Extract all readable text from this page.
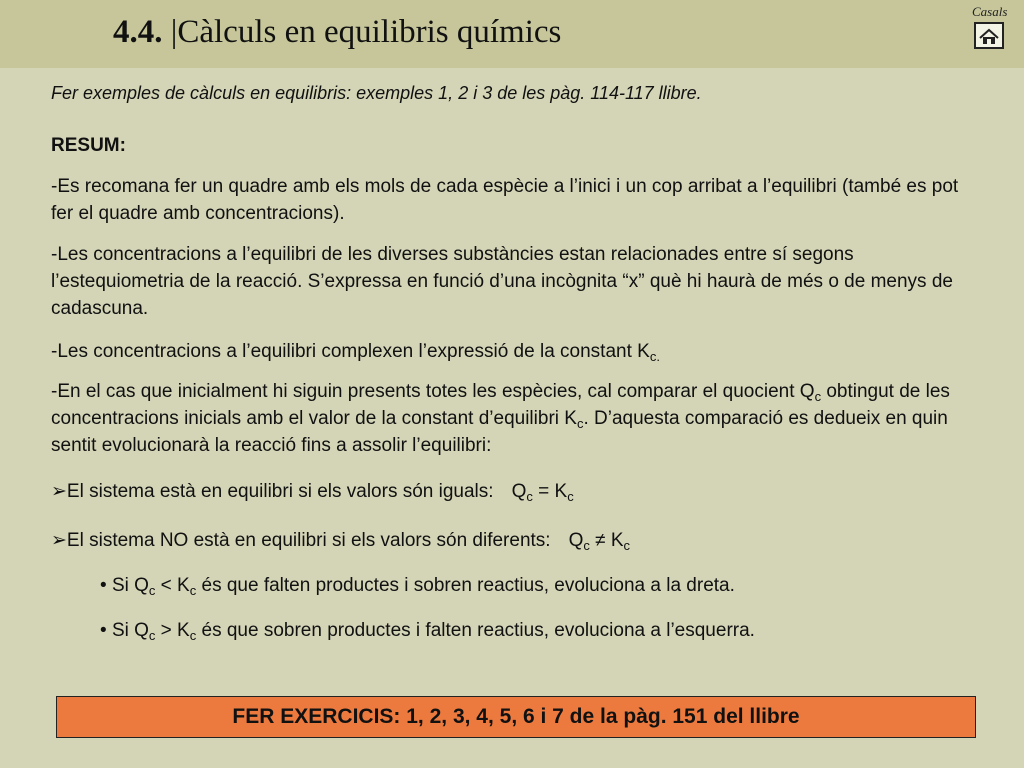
4.4. |Càlculs en equilibris químics
Casals
Fer exemples de càlculs en equilibris: exemples 1, 2 i 3 de les pàg. 114-117 llibre.
RESUM:
-Es recomana fer un quadre amb els mols de cada espècie a l’inici i un cop arribat a l’equilibri (també es pot fer el quadre amb concentracions).
-Les concentracions a l’equilibri de les diverses substàncies estan relacionades entre sí segons l’estequiometria de la reacció. S’expressa en funció d’una incògnita “x” què hi haurà de més o de menys de cadascuna.
-Les concentracions a l’equilibri complexen l’expressió de la constant $K_{c.}$
-En el cas que inicialment hi siguin presents totes les espècies, cal comparar el quocient $Q_c$ obtingut de les concentracions inicials amb el valor de la constant d’equilibri $K_c$. D’aquesta comparació es dedueix en quin sentit evolucionarà la reacció fins a assolir l’equilibri:
➢El sistema està en equilibri si els valors són iguals: $Q_c = K_c$
➢El sistema NO està en equilibri si els valors són diferents: $Q_c \ne K_c$
• Si $Q_c < K_c$ és que falten productes i sobren reactius, evoluciona a la dreta.
• Si $Q_c > K_c$ és que sobren productes i falten reactius, evoluciona a l’esquerra.
FER EXERCICIS: 1, 2, 3, 4, 5, 6 i 7 de la pàg. 151 del llibre
